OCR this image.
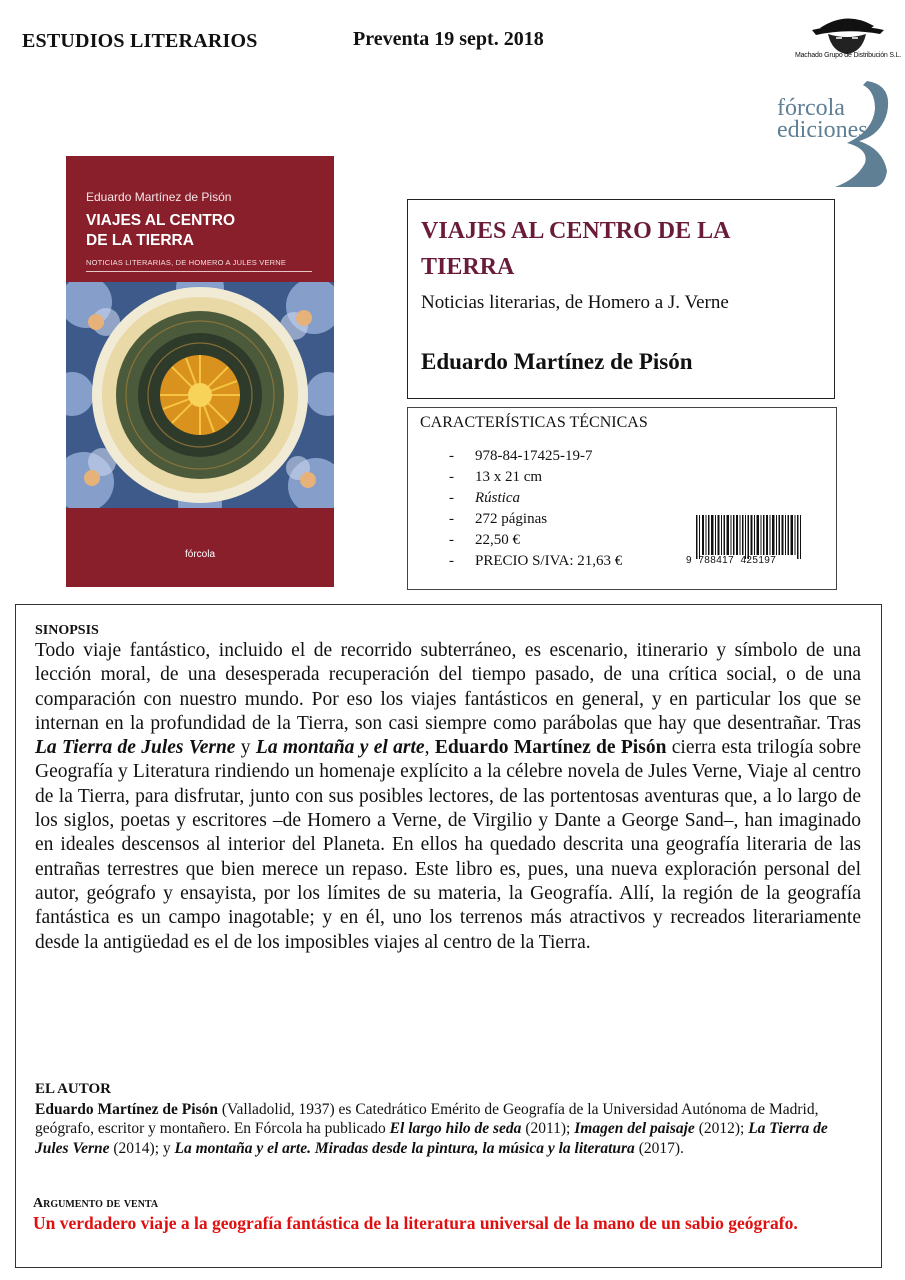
ESTUDIOS LITERARIOS	Preventa 19 sept. 2018
Machado Grupo de Distribución S.L.
fórcola
ediciones
Eduardo Martínez de Pisón
VIAJES AL CENTRO
DE LA TIERRA
NOTICIAS LITERARIAS, DE HOMERO A JULES VERNE
fórcola
VIAJES AL CENTRO DE LA
TIERRA
Noticias literarias, de Homero a J. Verne
Eduardo Martínez de Pisón
CARACTERÍSTICAS TÉCNICAS
- 978-84-17425-19-7
- 13 x 21 cm
- Rústica
- 272 páginas
- 22,50 €
- PRECIO S/IVA: 21,63 €	9  788417  425197
SINOPSIS
Todo viaje fantástico, incluido el de recorrido subterráneo, es escenario, itinerario y símbolo de una lección moral, de una desesperada recuperación del tiempo pasado, de una crítica social, o de una comparación con nuestro mundo. Por eso los viajes fantásticos en general, y en particular los que se internan en la profundidad de la Tierra, son casi siempre como parábolas que hay que desentrañar. Tras La Tierra de Jules Verne y La montaña y el arte, Eduardo Martínez de Pisón cierra esta trilogía sobre Geografía y Literatura rindiendo un homenaje explícito a la célebre novela de Jules Verne, Viaje al centro de la Tierra, para disfrutar, junto con sus posibles lectores, de las portentosas aventuras que, a lo largo de los siglos, poetas y escritores –de Homero a Verne, de Virgilio y Dante a George Sand–, han imaginado en ideales descensos al interior del Planeta. En ellos ha quedado descrita una geografía literaria de las entrañas terrestres que bien merece un repaso. Este libro es, pues, una nueva exploración personal del autor, geógrafo y ensayista, por los límites de su materia, la Geografía. Allí, la región de la geografía fantástica es un campo inagotable; y en él, uno los terrenos más atractivos y recreados literariamente desde la antigüedad es el de los imposibles viajes al centro de la Tierra.
EL AUTOR
Eduardo Martínez de Pisón (Valladolid, 1937) es Catedrático Emérito de Geografía de la Universidad Autónoma de Madrid, geógrafo, escritor y montañero. En Fórcola ha publicado El largo hilo de seda (2011); Imagen del paisaje (2012); La Tierra de Jules Verne (2014); y La montaña y el arte. Miradas desde la pintura, la música y la literatura (2017).
Argumento de venta
Un verdadero viaje a la geografía fantástica de la literatura universal de la mano de un sabio geógrafo.
